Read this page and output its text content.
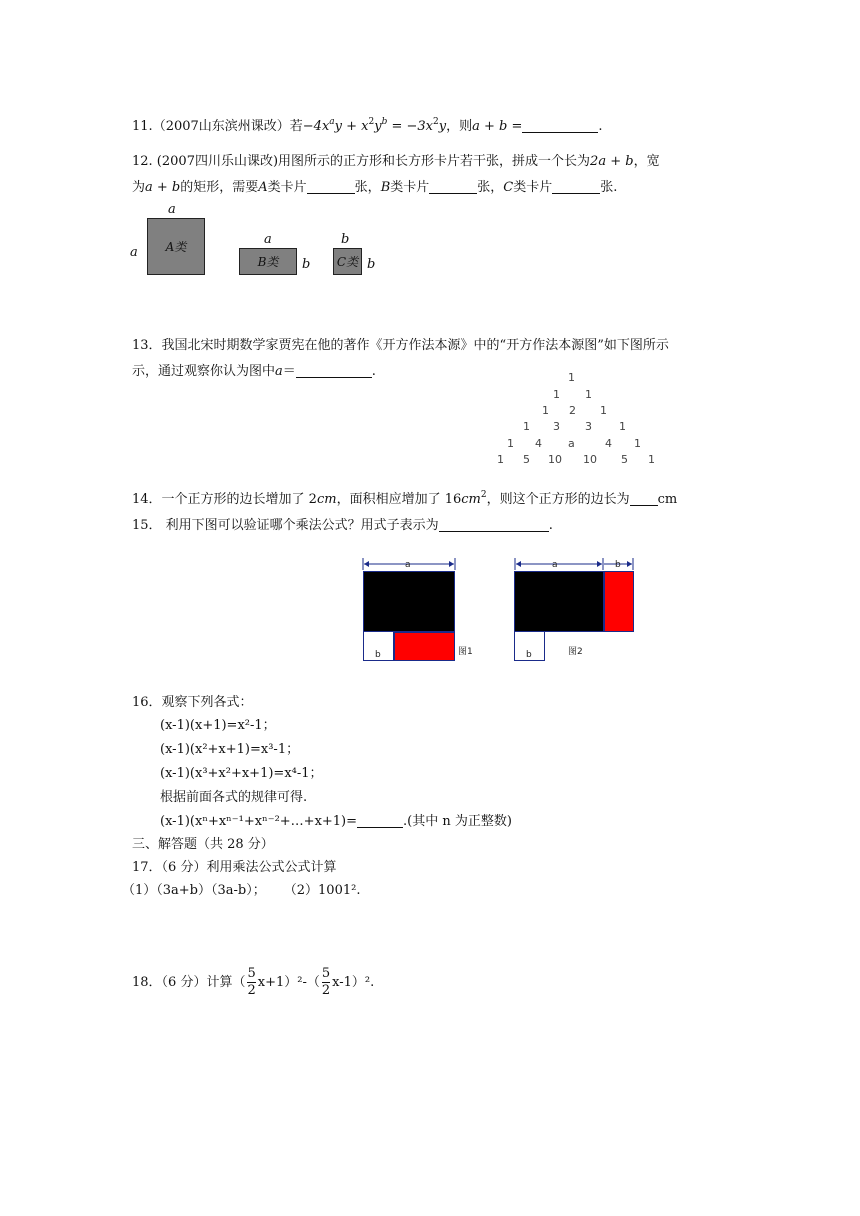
11.（2007山东滨州课改）若$-4x^ay + x^2y^b = -3x^2y$，则a + b =	.
12. (2007四川乐山课改)用图所示的正方形和长方形卡片若干张，拼成一个长为2a + b，宽
为a + b的矩形，需要A类卡片	张，B类卡片	张，C类卡片	张.
a
a A类	a
B类 b
b
C类 b
13．我国北宋时期数学家贾宪在他的著作《开方作法本源》中的“开方作法本源图”如下图所示
示，通过观察你认为图中a＝	.	1
1 1
1 2 1
1 3 3 1
1 4 a	4 1
1 5 10 10 5 1
14．一个正方形的边长增加了 2cm，面积相应增加了 $16cm^2$，则这个正方形的边长为 cm
15． 利用下图可以验证哪个乘法公式？用式子表示为	.
a
b	图1
a	b
b	图2
16．观察下列各式：
(x-1)(x+1)=x²-1；
(x-1)(x²+x+1)=x³-1；
(x-1)(x³+x²+x+1)=x⁴-1；
根据前面各式的规律可得.
(x-1)(xⁿ+xⁿ⁻¹+xⁿ⁻²+…+x+1)=	.(其中 n 为正整数)
三、解答题（共 28 分）
17．（6 分）利用乘法公式公式计算
（1）（3a+b）（3a-b）； （2）1001².
18．（6 分）计算（ $\frac{5}{2} x+1)^2-( \frac{5}{2} x-1)^2$.
